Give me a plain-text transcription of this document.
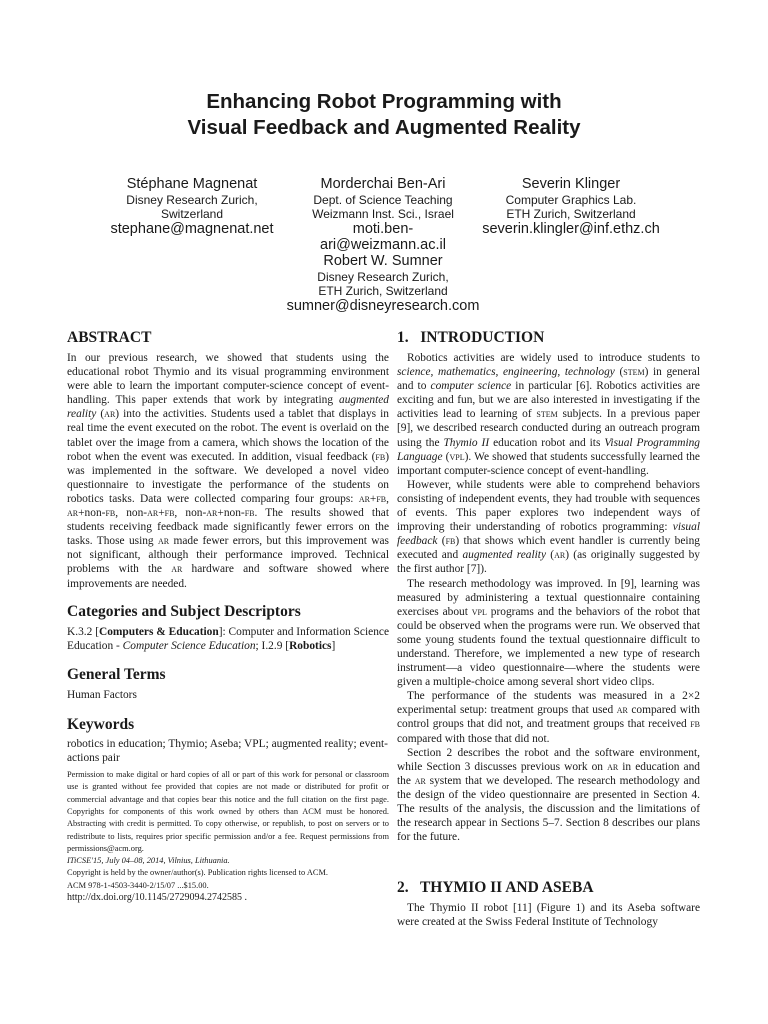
Enhancing Robot Programming with
Visual Feedback and Augmented Reality
Stéphane Magnenat
Disney Research Zurich,
Switzerland
stephane@magnenat.net
Morderchai Ben-Ari
Dept. of Science Teaching
Weizmann Inst. Sci., Israel
moti.ben-
ari@weizmann.ac.il
Severin Klinger
Computer Graphics Lab.
ETH Zurich, Switzerland
severin.klingler@inf.ethz.ch
Robert W. Sumner
Disney Research Zurich,
ETH Zurich, Switzerland
sumner@disneyresearch.com
ABSTRACT

In our previous research, we showed that students using the educational robot Thymio and its visual programming environment were able to learn the important computer-science concept of event-handling. This paper extends that work by integrating augmented reality (ar) into the activities. Students used a tablet that displays in real time the event executed on the robot. The event is overlaid on the tablet over the image from a camera, which shows the location of the robot when the event was executed. In addition, visual feedback (fb) was implemented in the software. We developed a novel video questionnaire to investigate the performance of the students on robotics tasks. Data were collected comparing four groups: ar+fb, ar+non-fb, non-ar+fb, non-ar+non-fb. The results showed that students receiving feedback made significantly fewer errors on the tasks. Those using ar made fewer errors, but this improvement was not significant, although their performance improved. Technical problems with the ar hardware and software showed where improvements are needed.

Categories and Subject Descriptors

K.3.2 [Computers & Education]: Computer and Information Science Education - Computer Science Education; I.2.9 [Robotics]

General Terms

Human Factors

Keywords

robotics in education; Thymio; Aseba; VPL; augmented reality; event-actions pair

Permission to make digital or hard copies of all or part of this work for personal or classroom use is granted without fee provided that copies are not made or distributed for profit or commercial advantage and that copies bear this notice and the full citation on the first page. Copyrights for components of this work owned by others than ACM must be honored. Abstracting with credit is permitted. To copy otherwise, or republish, to post on servers or to redistribute to lists, requires prior specific permission and/or a fee. Request permissions from permissions@acm.org.

ITiCSE'15, July 04–08, 2014, Vilnius, Lithuania.

Copyright is held by the owner/author(s). Publication rights licensed to ACM.

ACM 978-1-4503-3440-2/15/07 ...$15.00.

http://dx.doi.org/10.1145/2729094.2742585 .

1.   INTRODUCTION

Robotics activities are widely used to introduce students to science, mathematics, engineering, technology (stem) in general and to computer science in particular [6]. Robotics activities are exciting and fun, but we are also interested in investigating if the activities lead to learning of stem subjects. In a previous paper [9], we described research conducted during an outreach program using the Thymio II education robot and its Visual Programming Language (vpl). We showed that students successfully learned the important computer-science concept of event-handling.

However, while students were able to comprehend behaviors consisting of independent events, they had trouble with sequences of events. This paper explores two independent ways of improving their understanding of robotics programming: visual feedback (fb) that shows which event handler is currently being executed and augmented reality (ar) (as originally suggested by the first author [7]).

The research methodology was improved. In [9], learning was measured by administering a textual questionnaire containing exercises about vpl programs and the behaviors of the robot that could be observed when the programs were run. We observed that some young students found the textual questionnaire difficult to understand. Therefore, we implemented a new type of research instrument—a video questionnaire—where the students were given a multiple-choice among several short video clips.

The performance of the students was measured in a 2×2 experimental setup: treatment groups that used ar compared with control groups that did not, and treatment groups that received fb compared with those that did not.

Section 2 describes the robot and the software environment, while Section 3 discusses previous work on ar in education and the ar system that we developed. The research methodology and the design of the video questionnaire are presented in Section 4. The results of the analysis, the discussion and the limitations of the research appear in Sections 5–7. Section 8 describes our plans for the future.

2.   THYMIO II AND ASEBA

The Thymio II robot [11] (Figure 1) and its Aseba software were created at the Swiss Federal Institute of Technology
